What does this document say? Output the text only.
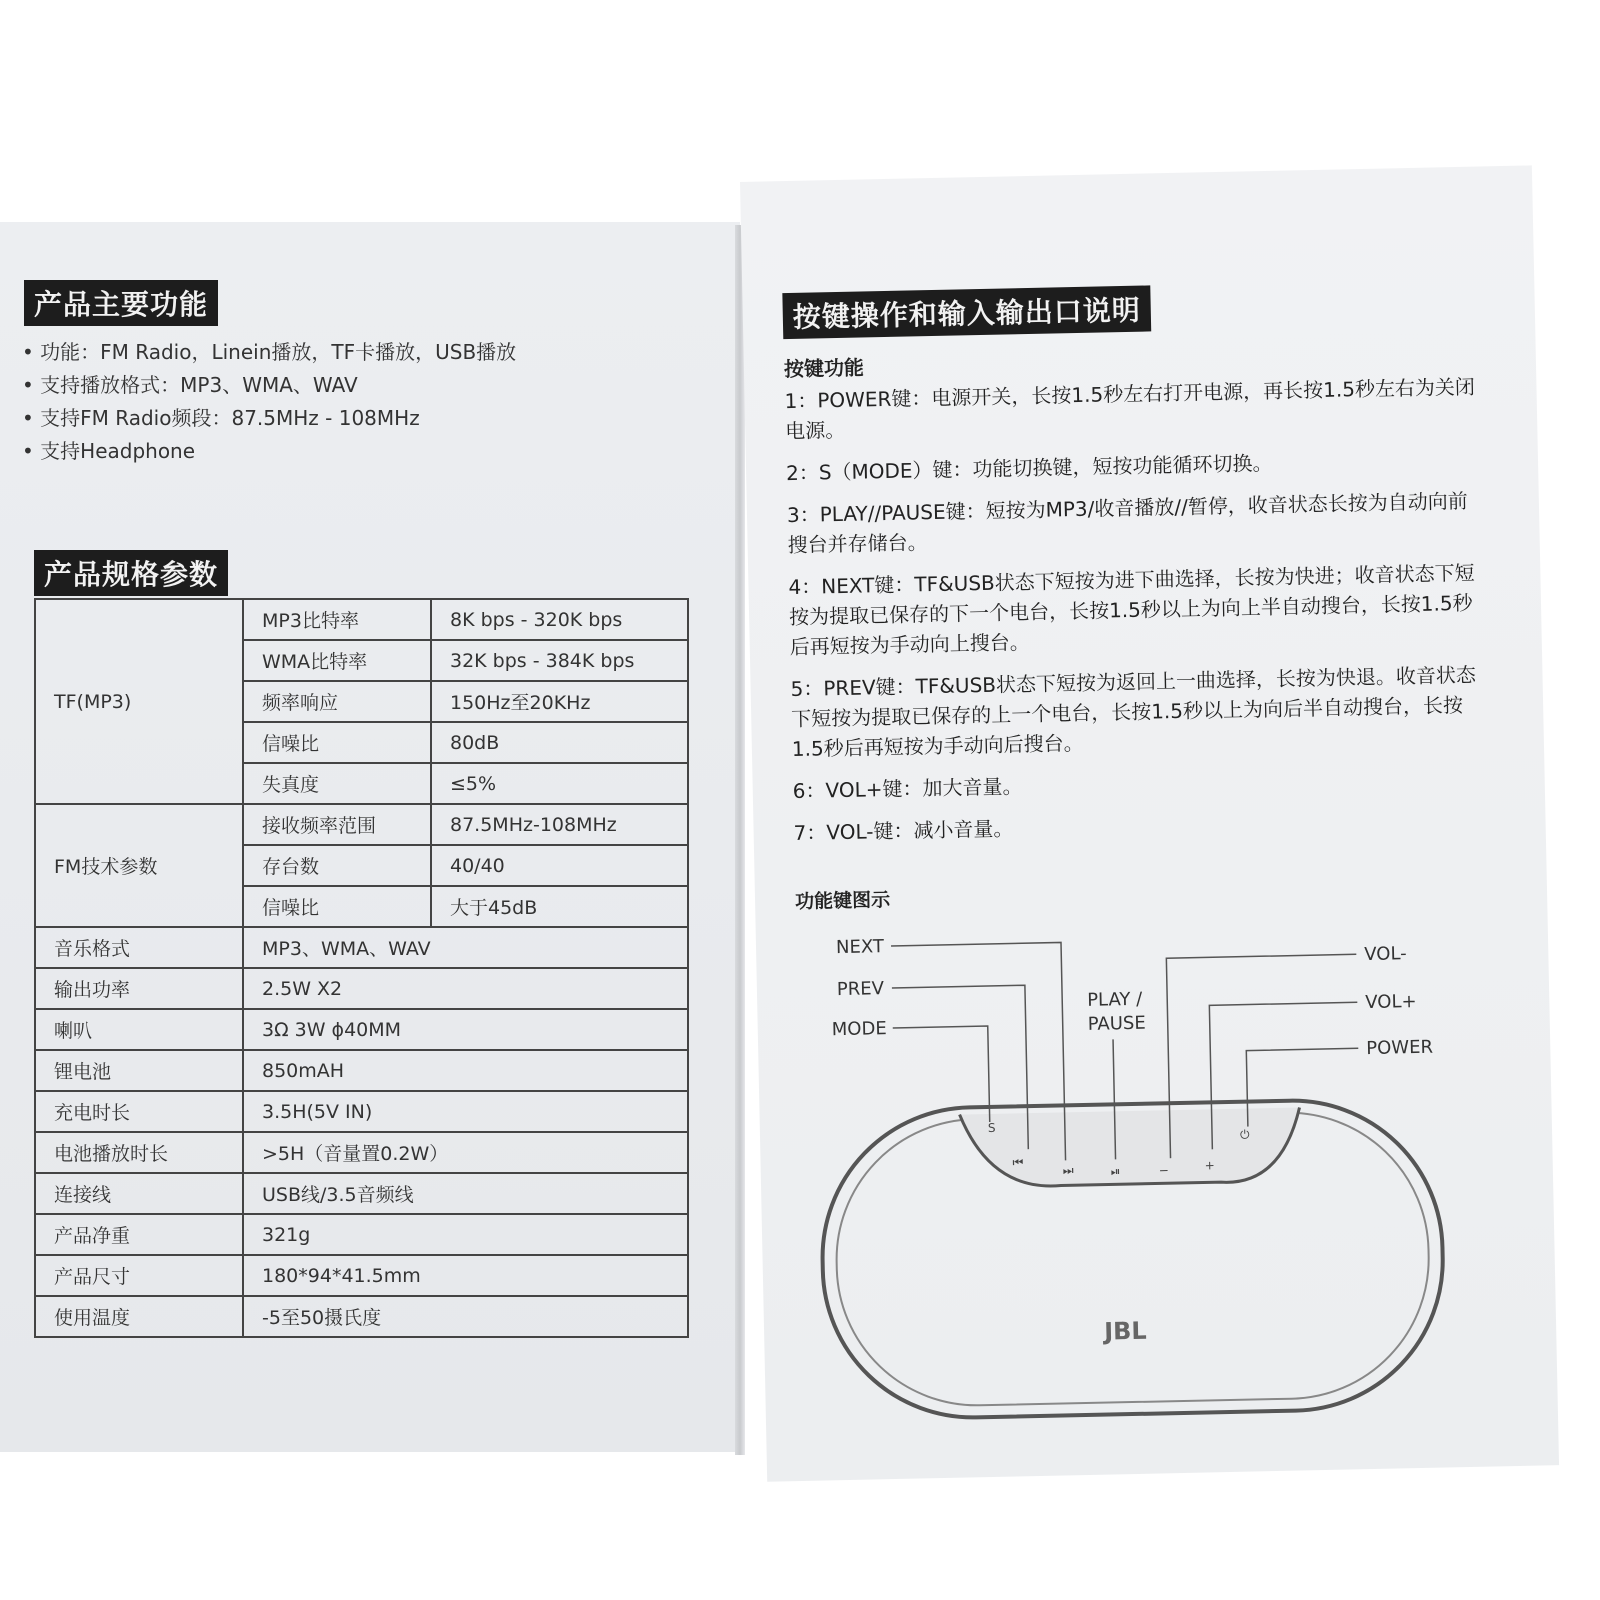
产品主要功能
• 功能：FM Radio，Linein播放，TF卡播放，USB播放
• 支持播放格式：MP3、WMA、WAV
• 支持FM Radio频段：87.5MHz - 108MHz
• 支持Headphone
产品规格参数
TF(MP3)	MP3比特率	8K bps - 320K bps
	WMA比特率	32K bps - 384K bps
	频率响应	150Hz至20KHz
	信噪比	80dB
	失真度	≤5%
FM技术参数	接收频率范围	87.5MHz-108MHz
	存台数	40/40
	信噪比	大于45dB
音乐格式	MP3、WMA、WAV	
输出功率	2.5W X2	
喇叭	3Ω 3W ϕ40MM	
锂电池	850mAH	
充电时长	3.5H(5V IN)	
电池播放时长	>5H（音量置0.2W）	
连接线	USB线/3.5音频线	
产品净重	321g	
产品尺寸	180*94*41.5mm	
使用温度	-5至50摄氏度	
按键操作和输入输出口说明
按键功能

1：POWER键：电源开关，长按1.5秒左右打开电源，再长按1.5秒左右为关闭电源。

2：S（MODE）键：功能切换键，短按功能循环切换。

3：PLAY//PAUSE键：短按为MP3/收音播放//暂停，收音状态长按为自动向前搜台并存储台。

4：NEXT键：TF&USB状态下短按为进下曲选择，长按为快进；收音状态下短按为提取已保存的下一个电台，长按1.5秒以上为向上半自动搜台，长按1.5秒后再短按为手动向上搜台。

5：PREV键：TF&USB状态下短按为返回上一曲选择，长按为快退。收音状态下短按为提取已保存的上一个电台，长按1.5秒以上为向后半自动搜台，长按1.5秒后再短按为手动向后搜台。

6：VOL+键：加大音量。

7：VOL-键：减小音量。

功能键图示
S
⏮
⏭	⏯	−	+
⏻
NEXT
PREV
MODE
PLAY /
PAUSE
VOL-
VOL+
POWER
JBL
